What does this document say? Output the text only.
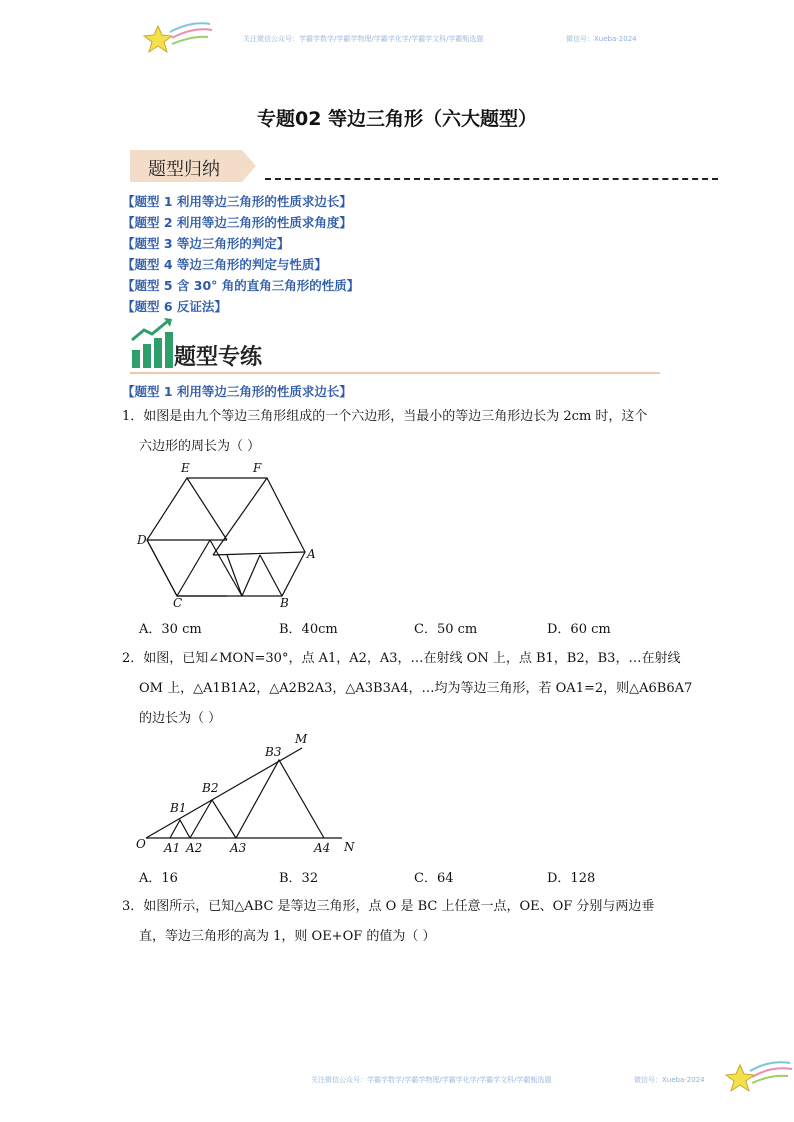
关注微信公众号：学霸学数学/学霸学物理/学霸学化学/学霸学文科/学霸甄选题	微信号：Xueba-2024
专题02 等边三角形（六大题型）
题型归纳
【题型 1 利用等边三角形的性质求边长】
【题型 2 利用等边三角形的性质求角度】
【题型 3 等边三角形的判定】
【题型 4 等边三角形的判定与性质】
【题型 5 含 30° 角的直角三角形的性质】
【题型 6 反证法】
题型专练
【题型 1 利用等边三角形的性质求边长】
1．如图是由九个等边三角形组成的一个六边形，当最小的等边三角形边长为 2cm 时，这个
六边形的周长为（ ）
E	F
D
A
C	B
A．30 cm	B．40cm	C．50 cm	D．60 cm
2．如图，已知∠MON=30°，点 A1，A2，A3，…在射线 ON 上，点 B1，B2，B3，…在射线
OM 上，△A1B1A2，△A2B2A3，△A3B3A4，…均为等边三角形，若 OA1=2，则△A6B6A7
的边长为（ ）
O A1 A2 A3	A4 N
B1
B2
B3
M
A．16	B．32	C．64	D．128
3．如图所示，已知△ABC 是等边三角形，点 O 是 BC 上任意一点，OE、OF 分别与两边垂
直，等边三角形的高为 1，则 OE+OF 的值为（ ）
关注微信公众号：学霸学数学/学霸学物理/学霸学化学/学霸学文科/学霸甄选题	微信号：Xueba-2024
